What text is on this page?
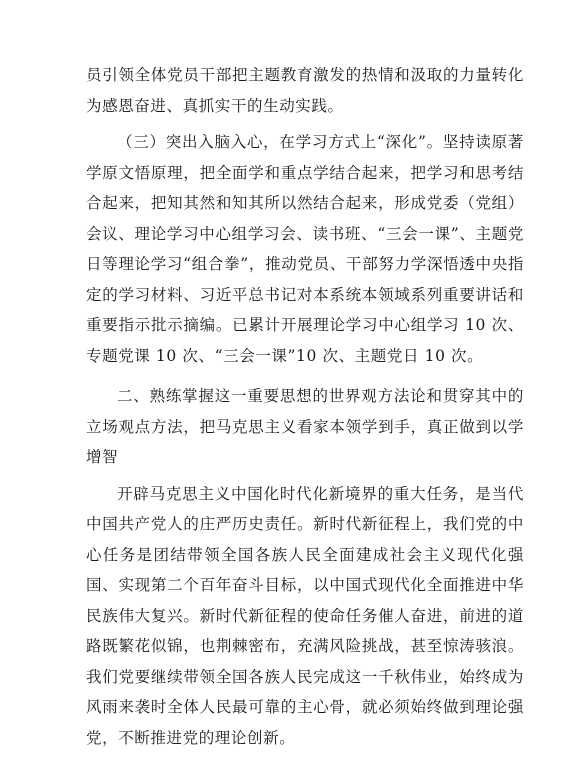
员引领全体党员干部把主题教育激发的热情和汲取的力量转化为感恩奋进、真抓实干的生动实践。

（三）突出入脑入心，在学习方式上“深化”。坚持读原著学原文悟原理，把全面学和重点学结合起来，把学习和思考结合起来，把知其然和知其所以然结合起来，形成党委（党组）会议、理论学习中心组学习会、读书班、“三会一课”、主题党日等理论学习“组合拳”，推动党员、干部努力学深悟透中央指定的学习材料、习近平总书记对本系统本领域系列重要讲话和重要指示批示摘编。已累计开展理论学习中心组学习 10 次、专题党课 10 次、“三会一课”10 次、主题党日 10 次。

二、熟练掌握这一重要思想的世界观方法论和贯穿其中的立场观点方法，把马克思主义看家本领学到手，真正做到以学增智

开辟马克思主义中国化时代化新境界的重大任务，是当代中国共产党人的庄严历史责任。新时代新征程上，我们党的中心任务是团结带领全国各族人民全面建成社会主义现代化强国、实现第二个百年奋斗目标，以中国式现代化全面推进中华民族伟大复兴。新时代新征程的使命任务催人奋进，前进的道路既繁花似锦，也荆棘密布，充满风险挑战，甚至惊涛骇浪。我们党要继续带领全国各族人民完成这一千秋伟业，始终成为风雨来袭时全体人民最可靠的主心骨，就必须始终做到理论强党，不断推进党的理论创新。
